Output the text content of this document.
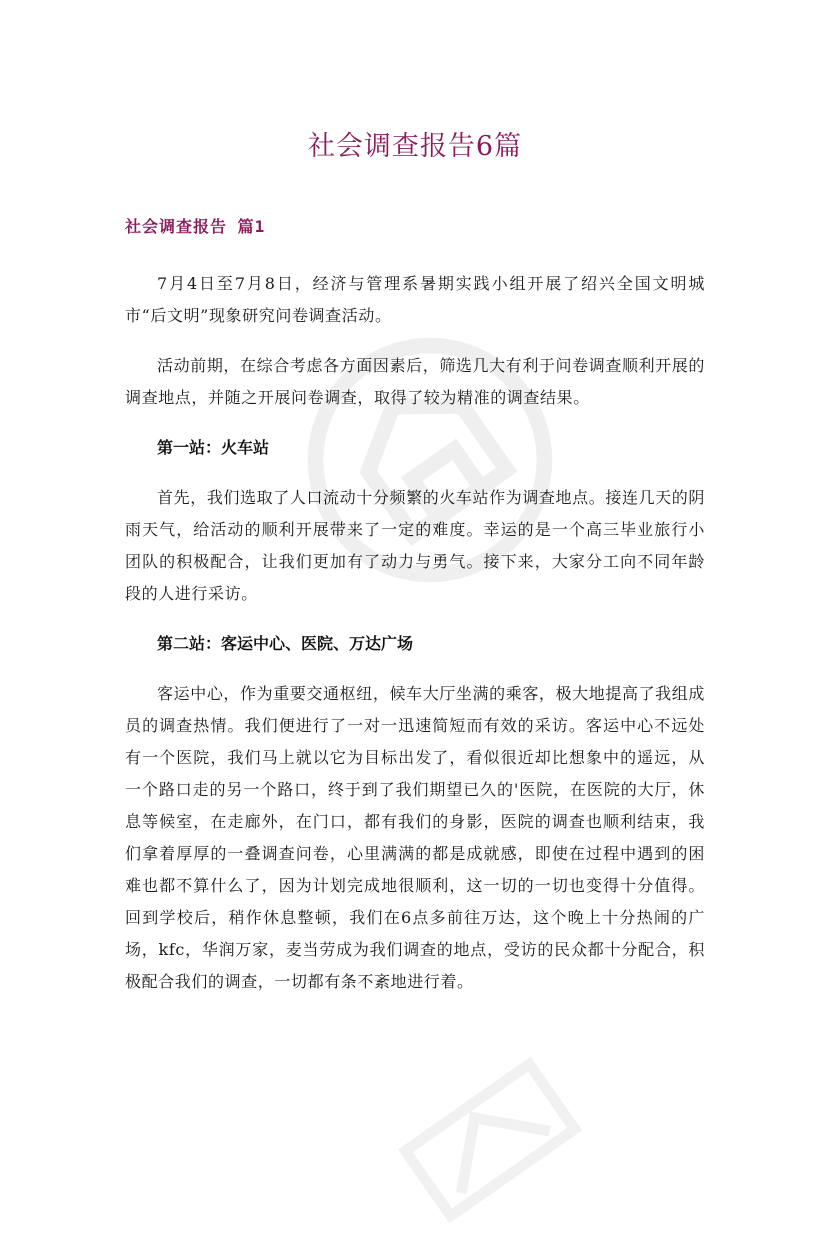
社会调查报告6篇
社会调查报告 篇1

7月4日至7月8日，经济与管理系暑期实践小组开展了绍兴全国文明城市“后文明”现象研究问卷调查活动。

活动前期，在综合考虑各方面因素后，筛选几大有利于问卷调查顺利开展的调查地点，并随之开展问卷调查，取得了较为精准的调查结果。

第一站：火车站

首先，我们选取了人口流动十分频繁的火车站作为调查地点。接连几天的阴雨天气，给活动的顺利开展带来了一定的难度。幸运的是一个高三毕业旅行小团队的积极配合，让我们更加有了动力与勇气。接下来，大家分工向不同年龄段的人进行采访。

第二站：客运中心、医院、万达广场

客运中心，作为重要交通枢纽，候车大厅坐满的乘客，极大地提高了我组成员的调查热情。我们便进行了一对一迅速简短而有效的采访。客运中心不远处有一个医院，我们马上就以它为目标出发了，看似很近却比想象中的遥远，从一个路口走的另一个路口，终于到了我们期望已久的'医院，在医院的大厅，休息等候室，在走廊外，在门口，都有我们的身影，医院的调查也顺利结束，我们拿着厚厚的一叠调查问卷，心里满满的都是成就感，即使在过程中遇到的困难也都不算什么了，因为计划完成地很顺利，这一切的一切也变得十分值得。回到学校后，稍作休息整顿，我们在6点多前往万达，这个晚上十分热闹的广场，kfc，华润万家，麦当劳成为我们调查的地点，受访的民众都十分配合，积极配合我们的调查，一切都有条不紊地进行着。
